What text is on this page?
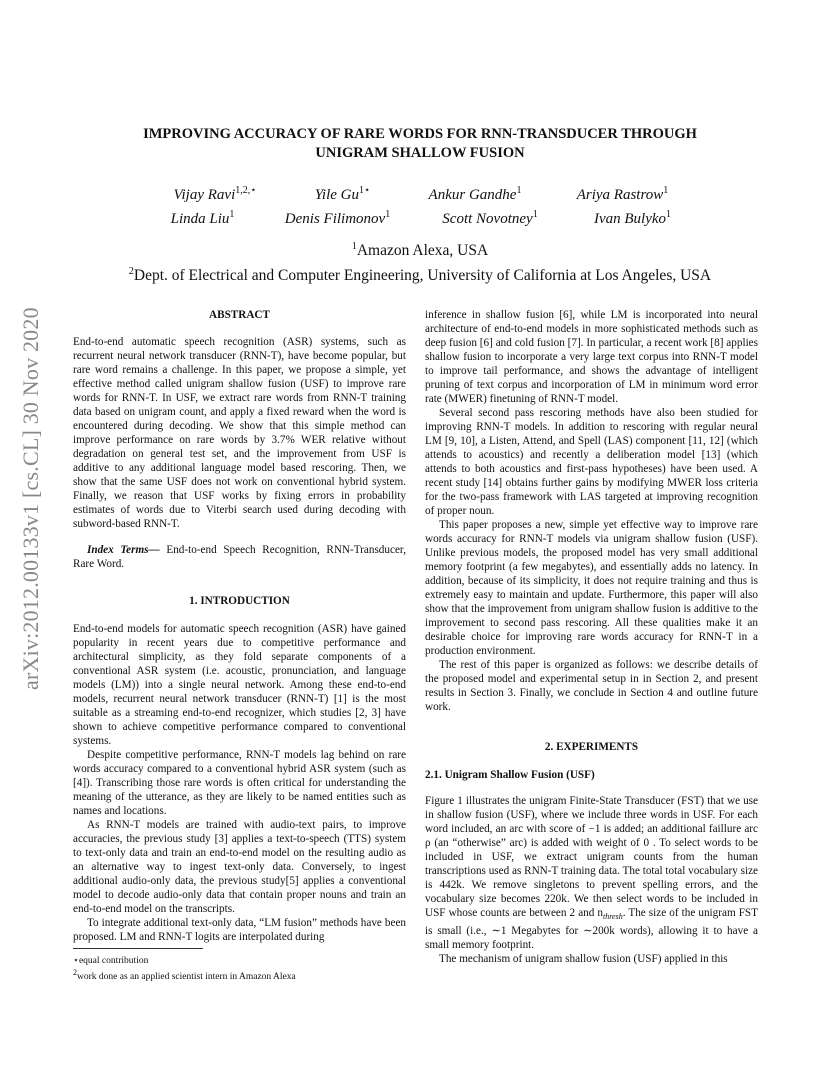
arXiv:2012.00133v1 [cs.CL] 30 Nov 2020
IMPROVING ACCURACY OF RARE WORDS FOR RNN-TRANSDUCER THROUGH
UNIGRAM SHALLOW FUSION
Vijay Ravi$^{1,2,⋆}$	Yile $Gu^{1⋆}$	Ankur Gandhe$^1$	Ariya Rastrow$^1$
Linda Liu$^1$	Denis Filimonov$^1$	Scott Novotney$^1$	Ivan Bulyko$^1$
$^1$Amazon Alexa, USA
$^2$Dept. of Electrical and Computer Engineering, University of California at Los Angeles, USA

ABSTRACT

End-to-end automatic speech recognition (ASR) systems, such as recurrent neural network transducer (RNN-T), have become popular, but rare word remains a challenge. In this paper, we propose a simple, yet effective method called unigram shallow fusion (USF) to improve rare words for RNN-T. In USF, we extract rare words from RNN-T training data based on unigram count, and apply a fixed reward when the word is encountered during decoding. We show that this simple method can improve performance on rare words by 3.7% WER relative without degradation on general test set, and the improvement from USF is additive to any additional language model based rescoring. Then, we show that the same USF does not work on conventional hybrid system. Finally, we reason that USF works by fixing errors in probability estimates of words due to Viterbi search used during decoding with subword-based RNN-T.

Index Terms— End-to-end Speech Recognition, RNN-Transducer, Rare Word.

1. INTRODUCTION

End-to-end models for automatic speech recognition (ASR) have gained popularity in recent years due to competitive performance and architectural simplicity, as they fold separate components of a conventional ASR system (i.e. acoustic, pronunciation, and language models (LM)) into a single neural network. Among these end-to-end models, recurrent neural network transducer (RNN-T) [1] is the most suitable as a streaming end-to-end recognizer, which studies [2, 3] have shown to achieve competitive performance compared to conventional systems.

Despite competitive performance, RNN-T models lag behind on rare words accuracy compared to a conventional hybrid ASR system (such as [4]). Transcribing those rare words is often critical for understanding the meaning of the utterance, as they are likely to be named entities such as names and locations.

As RNN-T models are trained with audio-text pairs, to improve accuracies, the previous study [3] applies a text-to-speech (TTS) system to text-only data and train an end-to-end model on the resulting audio as an alternative way to ingest text-only data. Conversely, to ingest additional audio-only data, the previous study[5] applies a conventional model to decode audio-only data that contain proper nouns and train an end-to-end model on the transcripts.

To integrate additional text-only data, “LM fusion” methods have been proposed. LM and RNN-T logits are interpolated during

⋆equal contribution
$^2$work done as an applied scientist intern in Amazon Alexa

inference in shallow fusion [6], while LM is incorporated into neural architecture of end-to-end models in more sophisticated methods such as deep fusion [6] and cold fusion [7]. In particular, a recent work [8] applies shallow fusion to incorporate a very large text corpus into RNN-T model to improve tail performance, and shows the advantage of intelligent pruning of text corpus and incorporation of LM in minimum word error rate (MWER) finetuning of RNN-T model.

Several second pass rescoring methods have also been studied for improving RNN-T models. In addition to rescoring with regular neural LM [9, 10], a Listen, Attend, and Spell (LAS) component [11, 12] (which attends to acoustics) and recently a deliberation model [13] (which attends to both acoustics and first-pass hypotheses) have been used. A recent study [14] obtains further gains by modifying MWER loss criteria for the two-pass framework with LAS targeted at improving recognition of proper noun.

This paper proposes a new, simple yet effective way to improve rare words accuracy for RNN-T models via unigram shallow fusion (USF). Unlike previous models, the proposed model has very small additional memory footprint (a few megabytes), and essentially adds no latency. In addition, because of its simplicity, it does not require training and thus is extremely easy to maintain and update. Furthermore, this paper will also show that the improvement from unigram shallow fusion is additive to the improvement to second pass rescoring. All these qualities make it an desirable choice for improving rare words accuracy for RNN-T in a production environment.

The rest of this paper is organized as follows: we describe details of the proposed model and experimental setup in in Section 2, and present results in Section 3. Finally, we conclude in Section 4 and outline future work.

2. EXPERIMENTS

2.1. Unigram Shallow Fusion (USF)

Figure 1 illustrates the unigram Finite-State Transducer (FST) that we use in shallow fusion (USF), where we include three words in USF. For each word included, an arc with score of −1 is added; an additional faillure arc ρ (an “otherwise” arc) is added with weight of 0 . To select words to be included in USF, we extract unigram counts from the human transcriptions used as RNN-T training data. The total total vocabulary size is 442k. We remove singletons to prevent spelling errors, and the vocabulary size becomes 220k. We then select words to be included in USF whose counts are between 2 and $n_{thresh}$. The size of the unigram FST is small (i.e., ∼1 Megabytes for ∼200k words), allowing it to have a small memory footprint.

The mechanism of unigram shallow fusion (USF) applied in this
